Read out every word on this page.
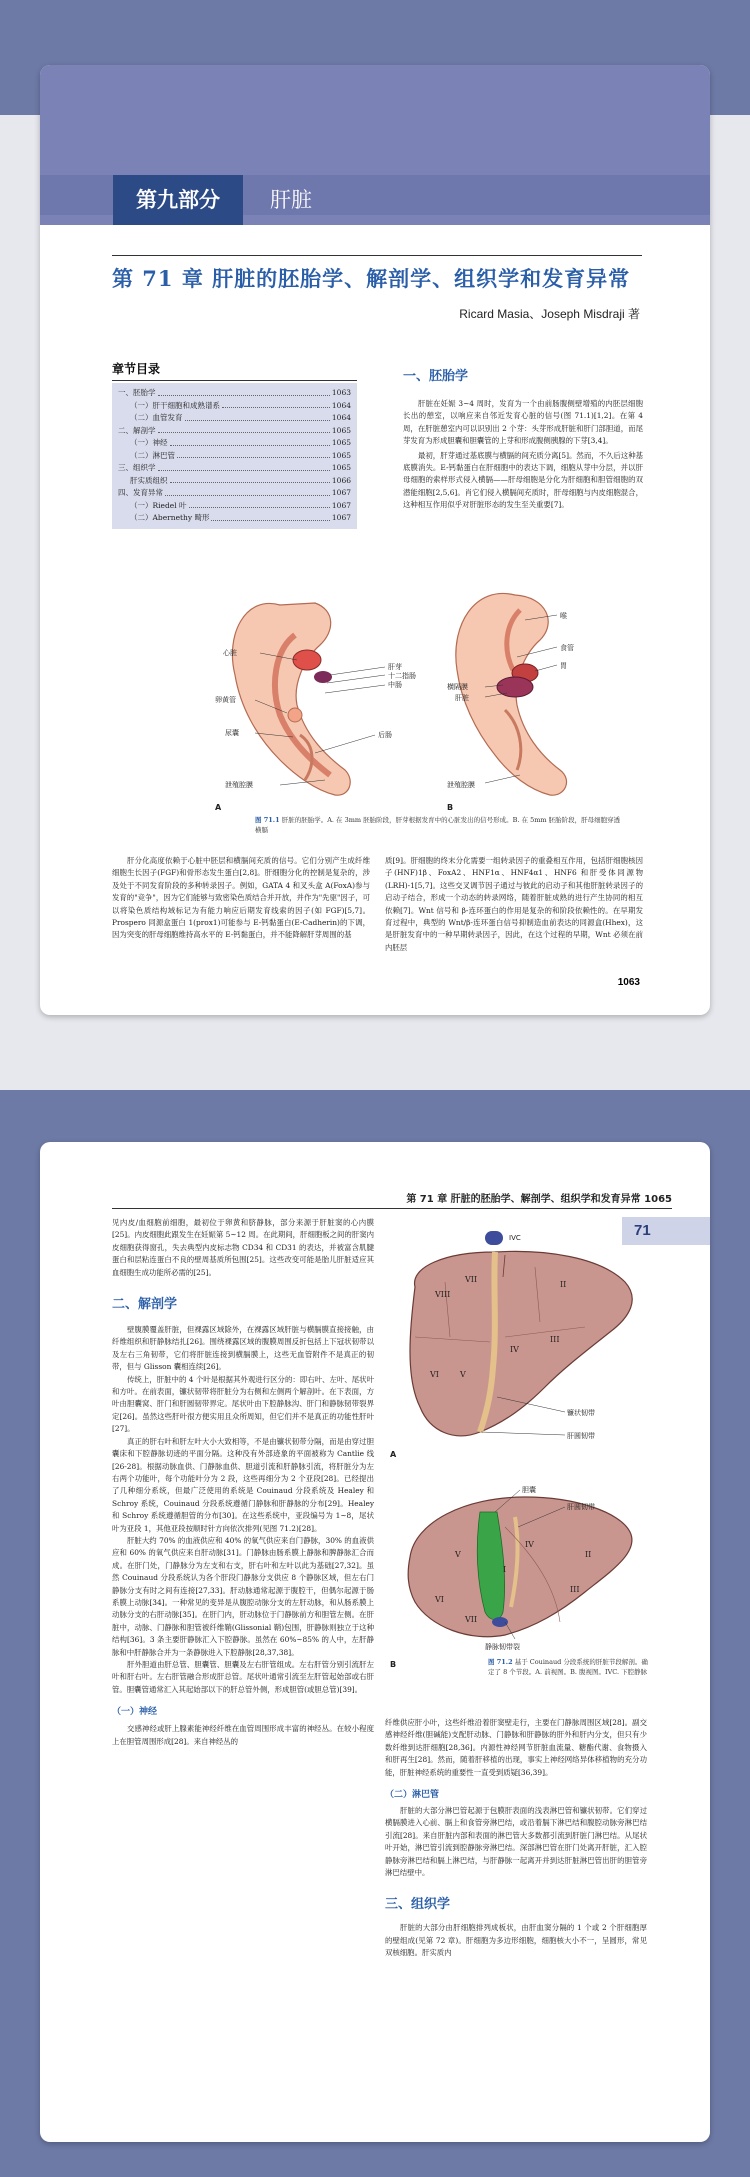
第九部分	肝脏
第 71 章 肝脏的胚胎学、解剖学、组织学和发育异常
Ricard Masia、Joseph Misdraji 著
章节目录
一、胚胎学	1063
（一）肝干细胞和成熟谱系	1064
（二）血管发育	1064
二、解剖学	1065
（一）神经	1065
（二）淋巴管	1065
三、组织学	1065
肝实质组织	1066
四、发育异常	1067
（一）Riedel 叶	1067
（二）Abernethy 畸形	1067
一、胚胎学

肝脏在妊娠 3~4 周时，发育为一个由前肠腹侧壁增殖的内胚层细胞长出的憩室，以响应来自邻近发育心脏的信号(图 71.1)[1,2]。在第 4 周，在肝脏憩室内可以识别出 2 个芽：头芽形成肝脏和肝门部胆道，而尾芽发育为形成胆囊和胆囊管的上芽和形成腹侧胰腺的下芽[3,4]。

最初，肝芽通过基底膜与横膈的间充质分离[5]。然而，不久后这种基底膜消失。E-钙黏蛋白在肝细胞中的表达下调，细胞从芽中分层，并以肝母细胞的索样形式侵入横膈——肝母细胞是分化为肝细胞和胆管细胞的双潜能细胞[2,5,6]。肖它们侵入横膈间充质时，肝母细胞与内皮细胞混合，这种相互作用似乎对肝脏形态的发生至关重要[7]。

心脏
肝芽
十二指肠
中肠
卵黄管
尿囊	后肠
泄殖腔膜
A
喉
食管
胃
横隔膜
肝脏
泄殖腔膜
B
图 71.1 肝脏的胚胎学。A. 在 3mm 胚胎阶段，肝芽根据发育中的心脏发出的信号形成。B. 在 5mm 胚胎阶段，肝母细胞穿透横膈

肝分化高度依赖于心脏中胚层和横膈间充质的信号。它们分别产生成纤维细胞生长因子(FGF)和骨形态发生蛋白[2,8]。肝细胞分化的控制是复杂的，涉及处于不同发育阶段的多种转录因子。例如，GATA 4 和叉头盒 A(FoxA)参与发育的"竞争"，因为它们能够与致密染色质结合并开放，并作为"先驱"因子，可以将染色质结构域标记为有能力响应后期发育线索的因子(如 FGF)[5,7]。Prospero 同源盒蛋白 1(prox1)可能参与 E-钙黏蛋白(E-Cadherin)的下调，因为突变的肝母细胞维持高水平的 E-钙黏蛋白，并不能降解肝芽周围的基

质[9]。肝细胞的终末分化需要一组转录因子的重叠相互作用，包括肝细胞核因子(HNF)1β、FoxA2、HNF1α、HNF4α1、HNF6 和肝受体同源物(LRH)-1[5,7]。这些交叉调节因子通过与彼此的启动子和其他肝脏转录因子的启动子结合，形成一个动态的转录网络，随着肝脏成熟的进行产生协同的相互依赖[7]。Wnt 信号和 β-连环蛋白的作用是复杂的和阶段依赖性的。在早期发育过程中，典型的 Wnt/β-连环蛋白信号抑制造血前表达的同源盒(Hhex)，这是肝脏发育中的一种早期转录因子，因此，在这个过程的早期，Wnt 必须在前内胚层

1063
第 71 章 肝脏的胚胎学、解剖学、组织学和发育异常 1065
71

见内皮/血细胞前细胞，最初位于卵黄和脐静脉，部分来源于肝脏窦的心内膜[25]。内皮细胞此跟发生在妊娠第 5~12 周。在此期间，肝细胞板之间的肝窦内皮细胞获得窗孔，失去典型内皮标志物 CD34 和 CD31 的表达，并被富含肌腱蛋白和层粘连蛋白不良的壁周基质所包围[25]。这些改变可能是胎儿肝脏适应其血细胞生成功能所必需的[25]。

二、解剖学

壁腹膜覆盖肝脏，但裸露区域除外，在裸露区域肝脏与横膈膜直接接触，由纤维组织和肝静脉结扎[26]。围绕裸露区域的腹膜周围反折包括上下冠状韧带以及左右三角韧带，它们将肝脏连接到横膈膜上，这些无血管附件不是真正的韧带，但与 Glisson 囊相连续[26]。

传统上，肝脏中的 4 个叶是根据其外观进行区分的：即右叶、左叶、尾状叶和方叶。在前表面，镰状韧带将肝脏分为右侧和左侧两个解剖叶。在下表面，方叶由胆囊窝、肝门和肝圆韧带界定。尾状叶由下腔静脉沟、肝门和静脉韧带裂界定[26]。虽然这些肝叶很方便实用且众所周知，但它们并不是真正的功能性肝叶[27]。

真正的肝右叶和肝左叶大小大致相等，不是由镰状韧带分隔，而是由穿过胆囊床和下腔静脉切迹的平面分隔。这种没有外部迹象的平面被称为 Cantlie 线[26-28]。根据动脉血供、门静脉血供、胆道引流和肝静脉引流，将肝脏分为左右两个功能叶，每个功能叶分为 2 段，这些再细分为 2 个亚段[28]。已经提出了几种细分系统，但最广泛使用的系统是 Couinaud 分段系统及 Healey 和 Schroy 系统，Couinaud 分段系统遵循门静脉和肝静脉的分布[29]。Healey 和 Schroy 系统遵循胆管的分布[30]。在这些系统中，亚段编号为 1~8，尾状叶为亚段 1，其他亚段按顺时针方向依次排列(见图 71.2)[28]。

肝脏大约 70% 的血液供应和 40% 的氧气供应来自门静脉，30% 的血液供应和 60% 的氧气供应来自肝动脉[31]。门静脉由肠系膜上静脉和脾静脉汇合而成。在肝门处，门静脉分为左支和右支，肝右叶和左叶以此为基础[27,32]。虽然 Couinaud 分段系统认为各个肝段门静脉分支供应 8 个静脉区域，但左右门静脉分支有时之间有连接[27,33]。肝动脉通常起源于腹腔干，但偶尔起源于肠系膜上动脉[34]。一种常见的变异是从腹腔动脉分支的左肝动脉，和从肠系膜上动脉分支的右肝动脉[35]。在肝门内，肝动脉位于门静脉前方和胆管左侧。在肝脏中，动脉、门静脉和胆管被纤维鞘(Glissonial 鞘)包围，肝静脉则独立于这种结构[36]。3 条主要肝静脉汇入下腔静脉。虽然在 60%~85% 的人中，左肝静脉和中肝静脉合并为一条静脉进入下腔静脉[28,37,38]。

肝外胆道由肝总管、胆囊管、胆囊及左右肝管组成。左右肝管分别引流肝左叶和肝右叶。左右肝管融合形成肝总管。尾状叶通常引流至左肝管起始部或右肝管。胆囊管通常汇入其起始部以下的肝总管外侧，形成胆管(或胆总管)[39]。

（一）神经

交感神经或肝上腺素能神经纤维在血管周围形成丰富的神经丛。在较小程度上在胆管周围形成[28]。来自神经丛的

IVC
VIII
VII
VI	V
IV
II
III
镰状韧带
肝圆韧带
A
I
II
III
IV
V
VI
VII
胆囊
肝圆韧带
静脉韧带裂
B	图 71.2 基于 Couinaud 分段系统的肝脏节段解剖。确定了 8 个节段。A. 前视图。B. 腹视图。IVC. 下腔静脉

纤维供应肝小叶，这些纤维沿着肝窦壁走行，主要在门静脉周围区域[28]。副交感神经纤维(胆碱能)支配肝动脉、门静脉和肝静脉的肝外和肝内分支，但只有少数纤维到达肝细胞[28,36]。内源性神经网节肝脏血流量、糖酯代谢、食物摄入和肝再生[28]。然而，随着肝移植的出现，事实上神经网络异体移植物的充分功能，肝脏神经系统的重要性一直受到质疑[36,39]。

（二）淋巴管

肝脏的大部分淋巴管起源于包膜肝表面的浅表淋巴管和镰状韧带。它们穿过横膈膜进入心前、膈上和食管旁淋巴结，或沿着膈下淋巴结和腹腔动脉旁淋巴结引流[28]。来自肝脏内部和表面的淋巴管大多数都引流到肝脏门淋巴结。从尾状叶开始，淋巴管引流到腔静脉旁淋巴结。深部淋巴管在肝门处离开肝脏，汇入腔静脉旁淋巴结和膈上淋巴结，与肝静脉一起离开并到达肝脏淋巴管出肝的胆管旁淋巴结壁中。

三、组织学

肝脏的大部分由肝细胞排列成板状，由肝血窦分隔的 1 个或 2 个肝细胞厚的壁组成(见第 72 章)。肝细胞为多边形细胞，细胞核大小不一，呈圆形，常见双核细胞。肝实质内
